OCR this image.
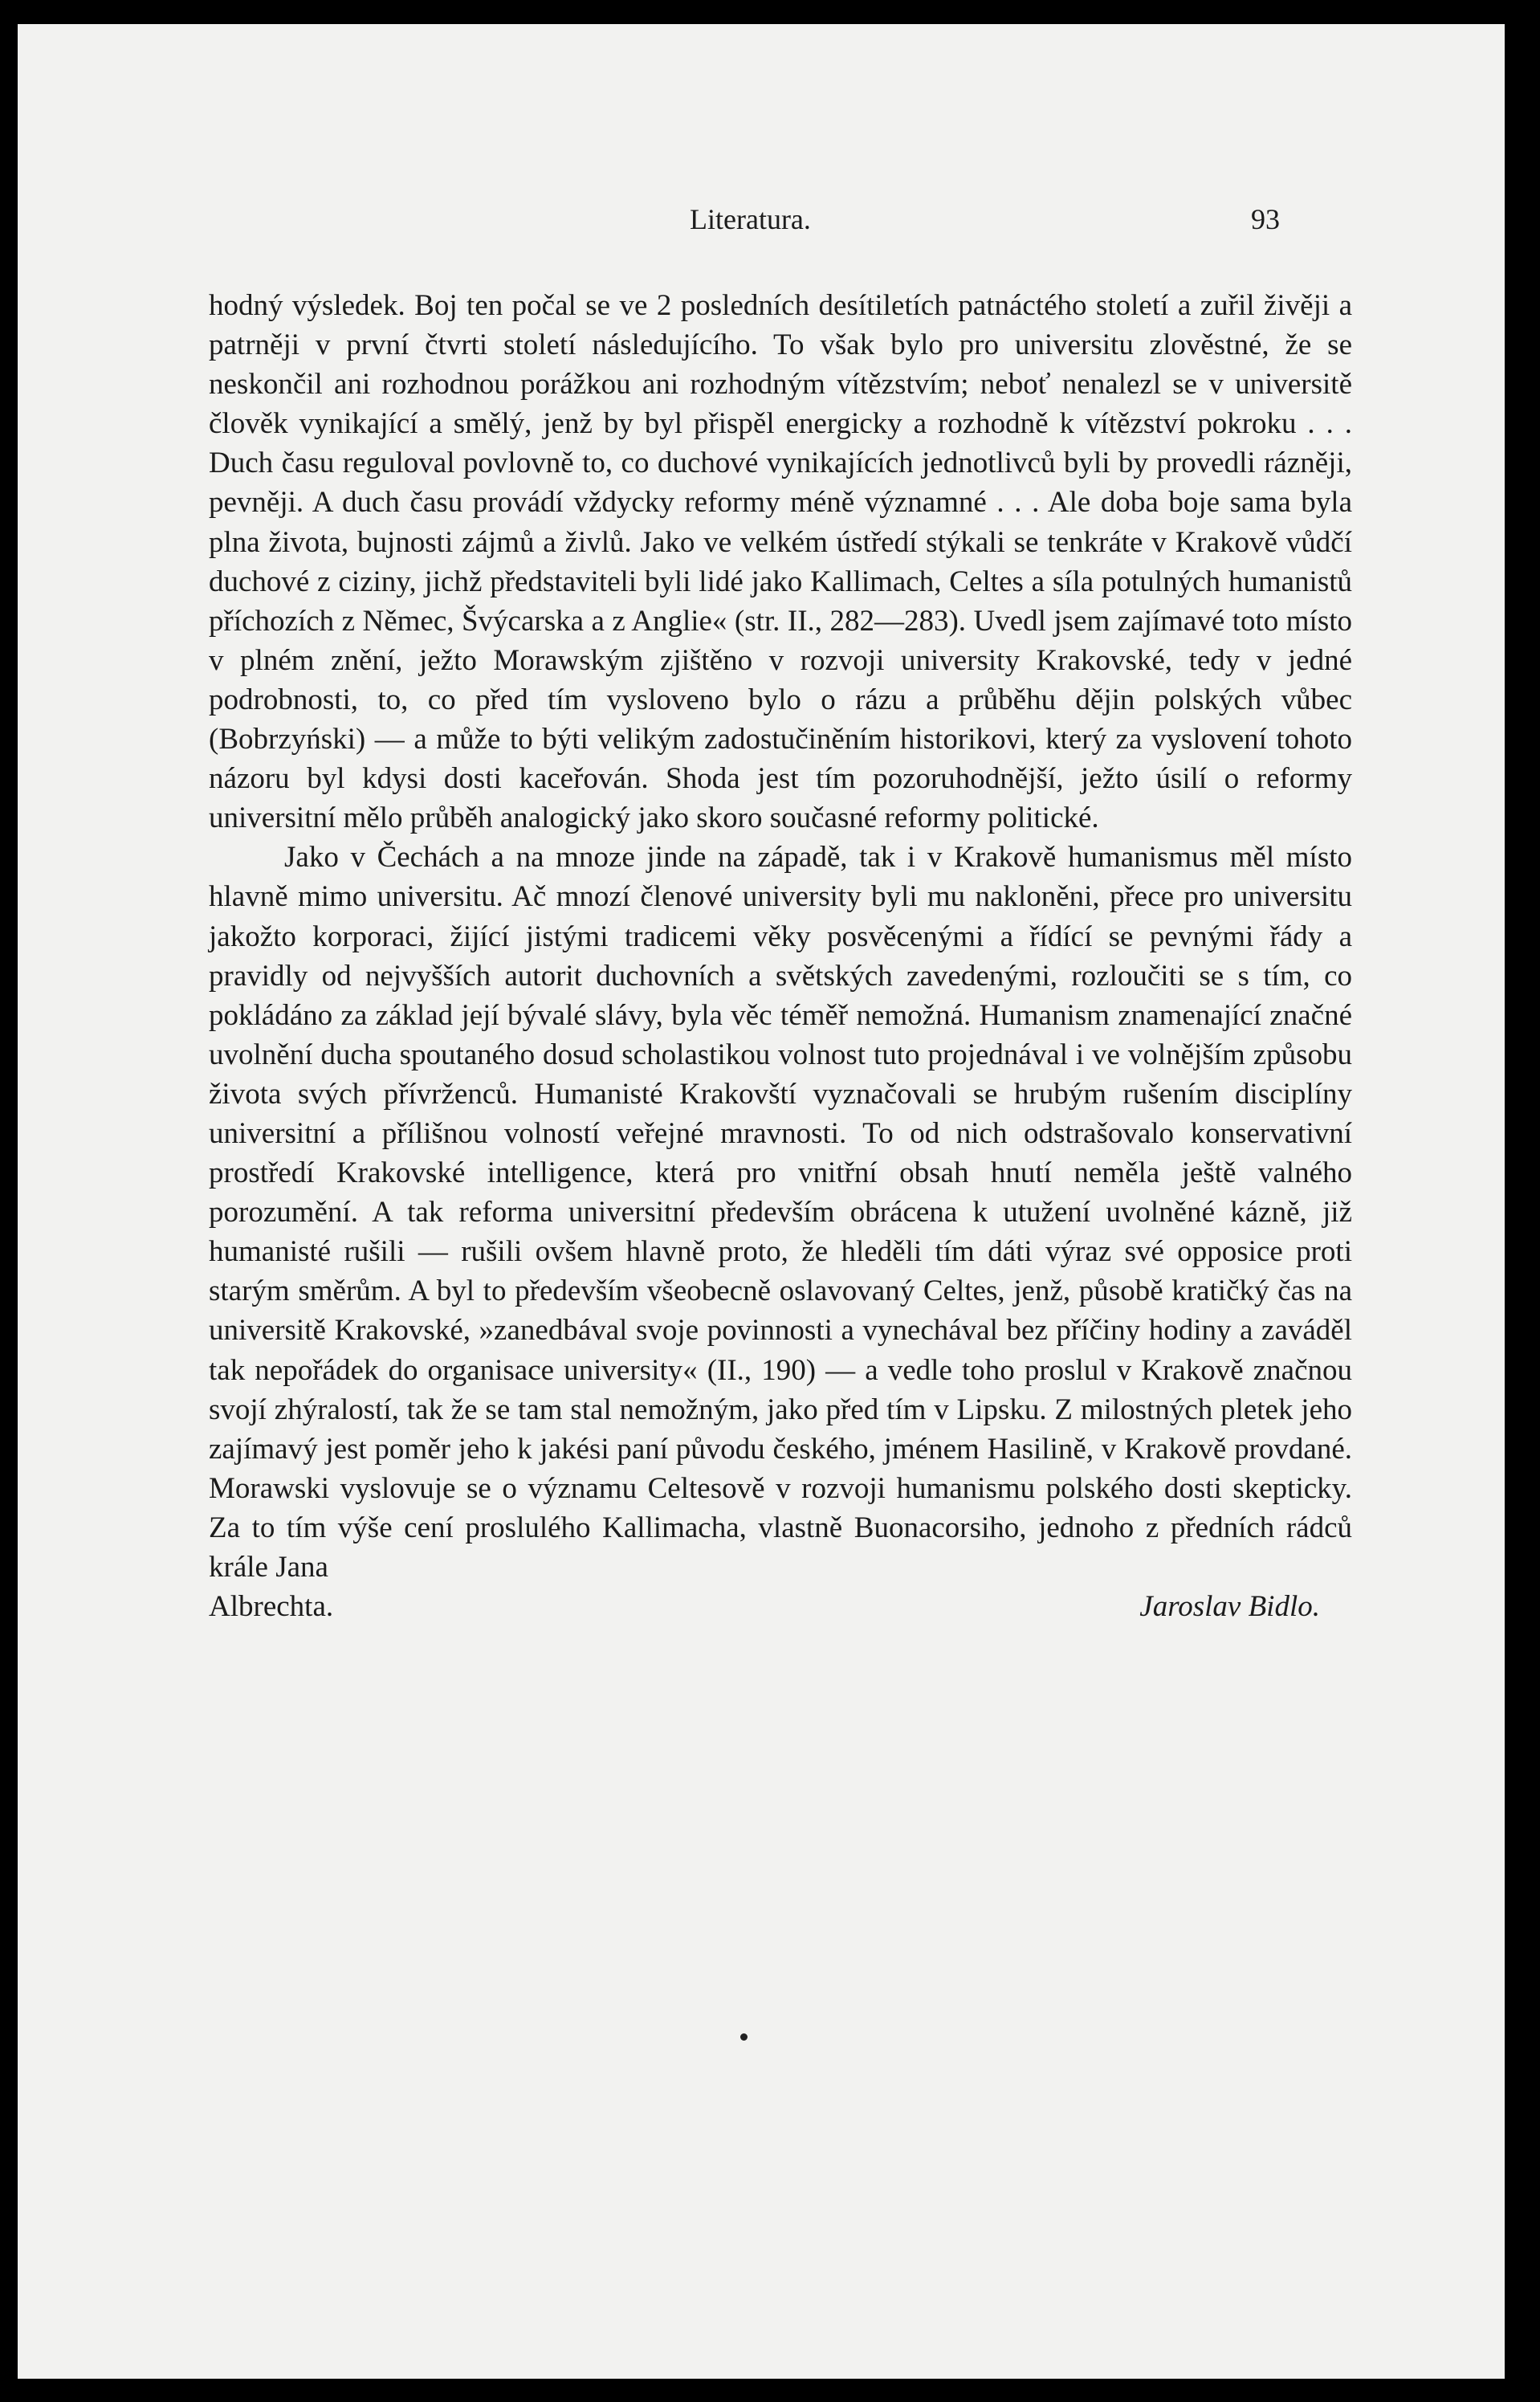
Literatura.	93

hodný výsledek. Boj ten počal se ve 2 posledních desítiletích patnáctého století a zuřil živěji a patrněji v první čtvrti století následujícího. To však bylo pro universitu zlověstné, že se neskončil ani rozhodnou porážkou ani rozhodným vítězstvím; neboť nenalezl se v universitě člověk vynikající a smělý, jenž by byl přispěl energicky a rozhodně k vítězství pokroku . . . Duch času reguloval povlovně to, co duchové vynikajících jednotlivců byli by provedli rázněji, pevněji. A duch času provádí vždycky reformy méně významné . . . Ale doba boje sama byla plna života, bujnosti zájmů a živlů. Jako ve velkém ústředí stýkali se tenkráte v Krakově vůdčí duchové z ciziny, jichž představiteli byli lidé jako Kallimach, Celtes a síla potulných humanistů příchozích z Němec, Švýcarska a z Anglie« (str. II., 282—283). Uvedl jsem zajímavé toto místo v plném znění, ježto Morawským zjištěno v rozvoji university Krakovské, tedy v jedné podrobnosti, to, co před tím vysloveno bylo o rázu a průběhu dějin polských vůbec (Bobrzyński) — a může to býti velikým zadostučiněním historikovi, který za vyslovení tohoto názoru byl kdysi dosti kaceřován. Shoda jest tím pozoruhodnější, ježto úsilí o reformy universitní mělo průběh analogický jako skoro současné reformy politické.

Jako v Čechách a na mnoze jinde na západě, tak i v Krakově humanismus měl místo hlavně mimo universitu. Ač mnozí členové university byli mu nakloněni, přece pro universitu jakožto korporaci, žijící jistými tradicemi věky posvěcenými a řídící se pevnými řády a pravidly od nejvyšších autorit duchovních a světských zavedenými, rozloučiti se s tím, co pokládáno za základ její bývalé slávy, byla věc téměř nemožná. Humanism znamenající značné uvolnění ducha spoutaného dosud scholastikou volnost tuto projednával i ve volnějším způsobu života svých přívrženců. Humanisté Krakovští vyznačovali se hrubým rušením disciplíny universitní a přílišnou volností veřejné mravnosti. To od nich odstrašovalo konservativní prostředí Krakovské intelligence, která pro vnitřní obsah hnutí neměla ještě valného porozumění. A tak reforma universitní především obrácena k utužení uvolněné kázně, již humanisté rušili — rušili ovšem hlavně proto, že hleděli tím dáti výraz své opposice proti starým směrům. A byl to především všeobecně oslavovaný Celtes, jenž, působě kratičký čas na universitě Krakovské, »zanedbával svoje povinnosti a vynechával bez příčiny hodiny a zaváděl tak nepořádek do organisace university« (II., 190) — a vedle toho proslul v Krakově značnou svojí zhýralostí, tak že se tam stal nemožným, jako před tím v Lipsku. Z milostných pletek jeho zajímavý jest poměr jeho k jakési paní původu českého, jménem Hasilině, v Krakově provdané. Morawski vyslovuje se o významu Celtesově v rozvoji humanismu polského dosti skepticky. Za to tím výše cení proslulého Kallimacha, vlastně Buonacorsiho, jednoho z předních rádců krále Jana

Albrechta.	Jaroslav Bidlo.
